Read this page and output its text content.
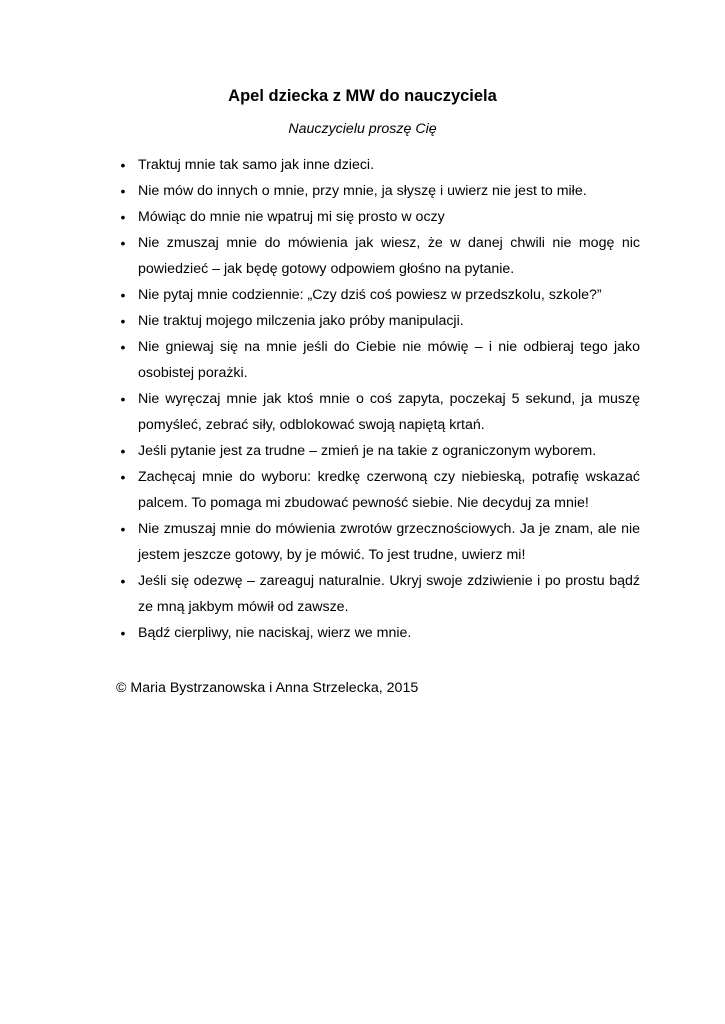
Apel dziecka z MW do nauczyciela

Nauczycielu proszę Cię

• Traktuj mnie tak samo jak inne dzieci.
• Nie mów do innych o mnie, przy mnie, ja słyszę i uwierz nie jest to miłe.
• Mówiąc do mnie nie wpatruj mi się prosto w oczy
• Nie zmuszaj mnie do mówienia jak wiesz, że w danej chwili nie mogę nic powiedzieć – jak będę gotowy odpowiem głośno na pytanie.
• Nie pytaj mnie codziennie: „Czy dziś coś powiesz w przedszkolu, szkole?”
• Nie traktuj mojego milczenia jako próby manipulacji.
• Nie gniewaj się na mnie jeśli do Ciebie nie mówię – i nie odbieraj tego jako osobistej porażki.
• Nie wyręczaj mnie jak ktoś mnie o coś zapyta, poczekaj 5 sekund, ja muszę pomyśleć, zebrać siły, odblokować swoją napiętą krtań.
• Jeśli pytanie jest za trudne – zmień je na takie z ograniczonym wyborem.
• Zachęcaj mnie do wyboru: kredkę czerwoną czy niebieską, potrafię wskazać palcem. To pomaga mi zbudować pewność siebie. Nie decyduj za mnie!
• Nie zmuszaj mnie do mówienia zwrotów grzecznościowych. Ja je znam, ale nie jestem jeszcze gotowy, by je mówić. To jest trudne, uwierz mi!
• Jeśli się odezwę – zareaguj naturalnie. Ukryj swoje zdziwienie i po prostu bądź ze mną jakbym mówił od zawsze.
• Bądź cierpliwy, nie naciskaj, wierz we mnie.

© Maria Bystrzanowska i Anna Strzelecka, 2015
